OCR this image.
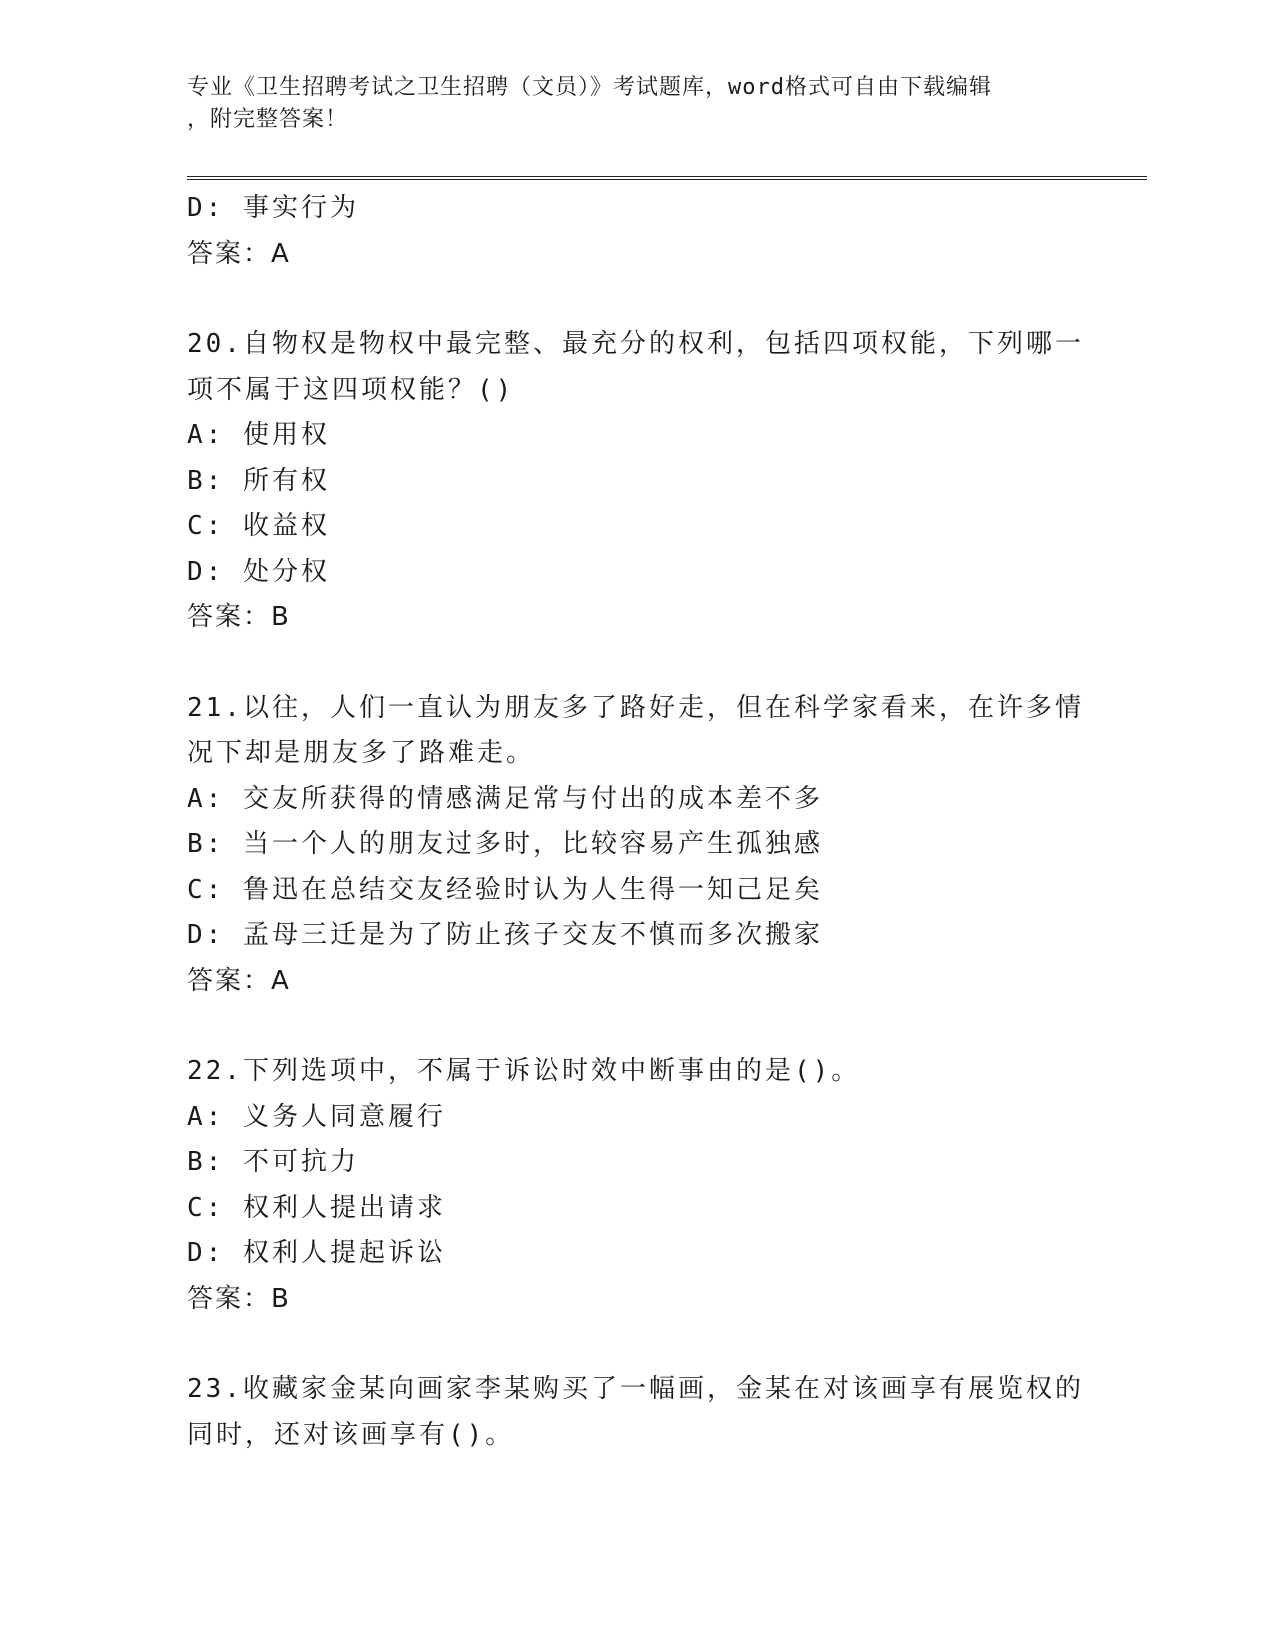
专业《卫生招聘考试之卫生招聘（文员）》考试题库，word格式可自由下载编辑
，附完整答案！
D: 事实行为
答案：A
20.自物权是物权中最完整、最充分的权利，包括四项权能，下列哪一
项不属于这四项权能？()
A: 使用权
B: 所有权
C: 收益权
D: 处分权
答案：B
21.以往，人们一直认为朋友多了路好走，但在科学家看来，在许多情
况下却是朋友多了路难走。
A: 交友所获得的情感满足常与付出的成本差不多
B: 当一个人的朋友过多时，比较容易产生孤独感
C: 鲁迅在总结交友经验时认为人生得一知己足矣
D: 孟母三迁是为了防止孩子交友不慎而多次搬家
答案：A
22.下列选项中，不属于诉讼时效中断事由的是()。
A: 义务人同意履行
B: 不可抗力
C: 权利人提出请求
D: 权利人提起诉讼
答案：B
23.收藏家金某向画家李某购买了一幅画，金某在对该画享有展览权的
同时，还对该画享有()。
